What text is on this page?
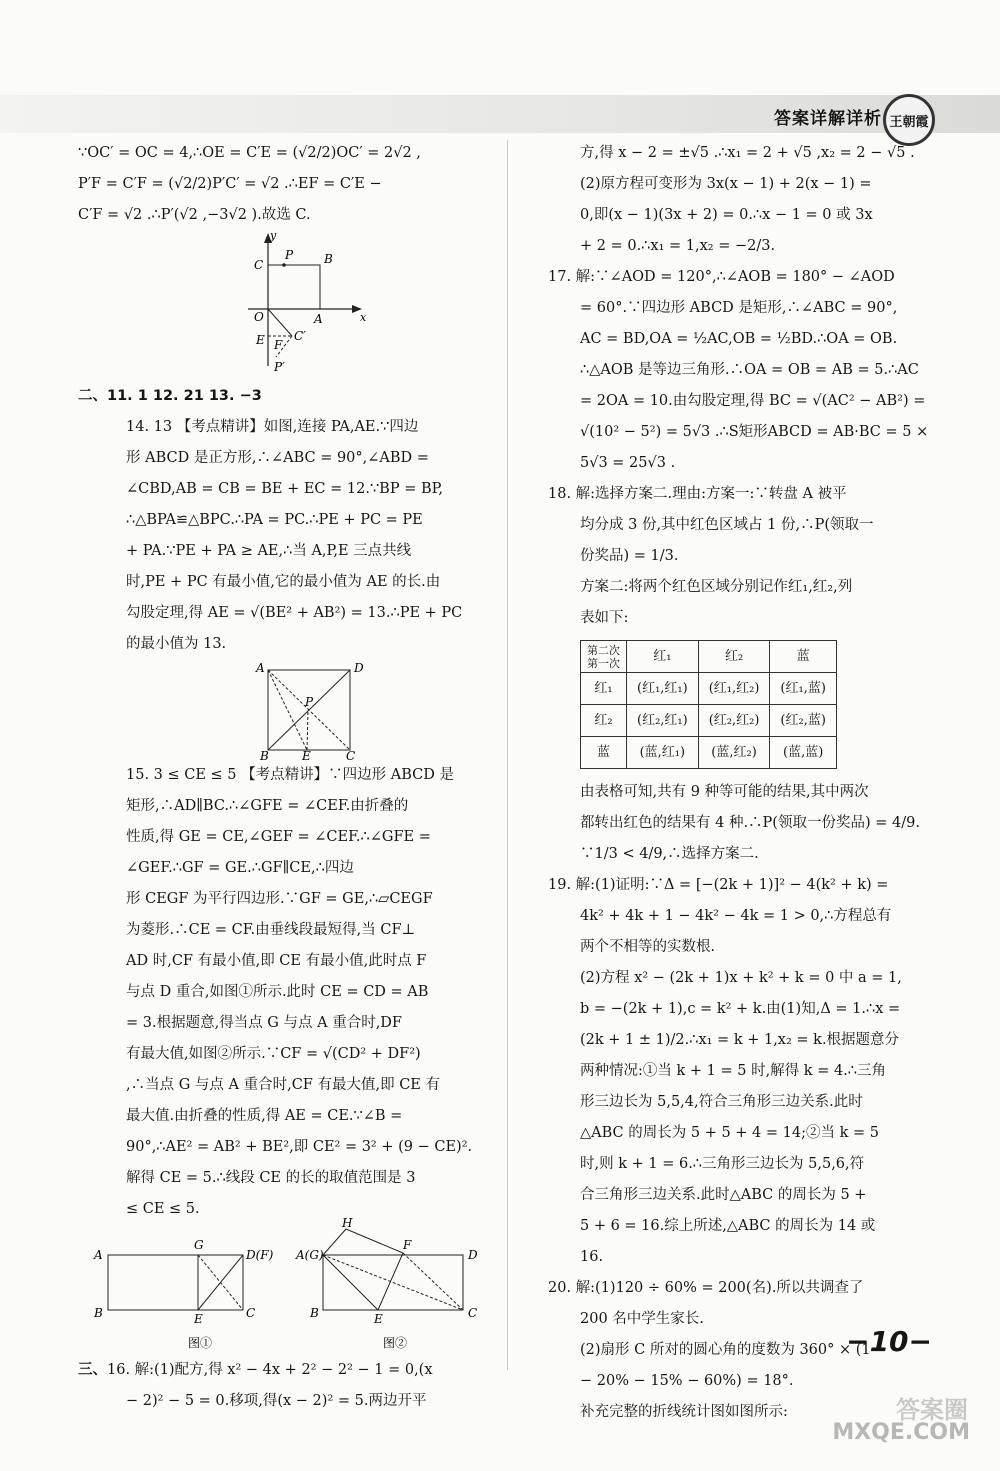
答案详解详析 王朝霞
∵OC′ = OC = 4,∴OE = C′E = (√2/2)OC′ = 2√2 ,
P′F = C′F = (√2/2)P′C′ = √2 .∴EF = C′E −
C′F = √2 .∴P′(√2 ,−3√2 ).故选 C.
y
x
C
P	B
O	A
E F
C′
P′
二、11. 1 12. 21 13. −3
14. 13 【考点精讲】如图,连接 PA,AE.∵四边
形 ABCD 是正方形,∴∠ABC = 90°,∠ABD =
∠CBD,AB = CB = BE + EC = 12.∵BP = BP,
∴△BPA≌△BPC.∴PA = PC.∴PE + PC = PE
+ PA.∵PE + PA ≥ AE,∴当 A,P,E 三点共线
时,PE + PC 有最小值,它的最小值为 AE 的长.由
勾股定理,得 AE = √(BE² + AB²) = 13.∴PE + PC
的最小值为 13.
A	D
P
B	E	C
15. 3 ≤ CE ≤ 5 【考点精讲】∵四边形 ABCD 是
矩形,∴AD∥BC.∴∠GFE = ∠CEF.由折叠的
性质,得 GE = CE,∠GEF = ∠CEF.∴∠GFE =
∠GEF.∴GF = GE.∴GF∥CE,∴四边
形 CEGF 为平行四边形.∵GF = GE,∴▱CEGF
为菱形.∴CE = CF.由垂线段最短得,当 CF⊥
AD 时,CF 有最小值,即 CE 有最小值,此时点 F
与点 D 重合,如图①所示.此时 CE = CD = AB
= 3.根据题意,得当点 G 与点 A 重合时,DF
有最大值,如图②所示.∵CF = √(CD² + DF²)
,∴当点 G 与点 A 重合时,CF 有最大值,即 CE 有
最大值.由折叠的性质,得 AE = CE.∵∠B =
90°,∴AE² = AB² + BE²,即 CE² = 3² + (9 − CE)².
解得 CE = 5.∴线段 CE 的长的取值范围是 3
≤ CE ≤ 5.
A
G
D(F)
B	E	C
图①
A(G)
H
F
D
B	E	C
图②
三、16. 解:(1)配方,得 x² − 4x + 2² − 2² − 1 = 0,(x
− 2)² − 5 = 0.移项,得(x − 2)² = 5.两边开平
方,得 x − 2 = ±√5 .∴x₁ = 2 + √5 ,x₂ = 2 − √5 .
(2)原方程可变形为 3x(x − 1) + 2(x − 1) =
0,即(x − 1)(3x + 2) = 0.∴x − 1 = 0 或 3x
+ 2 = 0.∴x₁ = 1,x₂ = −2/3.
17. 解:∵∠AOD = 120°,∴∠AOB = 180° − ∠AOD
= 60°.∵四边形 ABCD 是矩形,∴∠ABC = 90°,
AC = BD,OA = ½AC,OB = ½BD.∴OA = OB.
∴△AOB 是等边三角形.∴OA = OB = AB = 5.∴AC
= 2OA = 10.由勾股定理,得 BC = √(AC² − AB²) =
√(10² − 5²) = 5√3 .∴S矩形ABCD = AB·BC = 5 ×
5√3 = 25√3 .
18. 解:选择方案二.理由:方案一:∵转盘 A 被平
均分成 3 份,其中红色区域占 1 份,∴P(领取一
份奖品) = 1/3.
方案二:将两个红色区域分别记作红₁,红₂,列
表如下:
第二次
第一次	红₁	红₂	蓝
红₁	(红₁,红₁)	(红₁,红₂)	(红₁,蓝)
红₂	(红₂,红₁)	(红₂,红₂)	(红₂,蓝)
蓝	(蓝,红₁)	(蓝,红₂)	(蓝,蓝)
由表格可知,共有 9 种等可能的结果,其中两次
都转出红色的结果有 4 种.∴P(领取一份奖品) = 4/9.
∵1/3 < 4/9,∴选择方案二.
19. 解:(1)证明:∵Δ = [−(2k + 1)]² − 4(k² + k) =
4k² + 4k + 1 − 4k² − 4k = 1 > 0,∴方程总有
两个不相等的实数根.
(2)方程 x² − (2k + 1)x + k² + k = 0 中 a = 1,
b = −(2k + 1),c = k² + k.由(1)知,Δ = 1.∴x =
(2k + 1 ± 1)/2.∴x₁ = k + 1,x₂ = k.根据题意分
两种情况:①当 k + 1 = 5 时,解得 k = 4.∴三角
形三边长为 5,5,4,符合三角形三边关系.此时
△ABC 的周长为 5 + 5 + 4 = 14;②当 k = 5
时,则 k + 1 = 6.∴三角形三边长为 5,5,6,符
合三角形三边关系.此时△ABC 的周长为 5 +
5 + 6 = 16.综上所述,△ABC 的周长为 14 或
16.
20. 解:(1)120 ÷ 60% = 200(名).所以共调查了
200 名中学生家长.
(2)扇形 C 所对的圆心角的度数为 360° × (1
− 20% − 15% − 60%) = 18°.
补充完整的折线统计图如图所示:
−10−
答案圈
MXQE.COM
